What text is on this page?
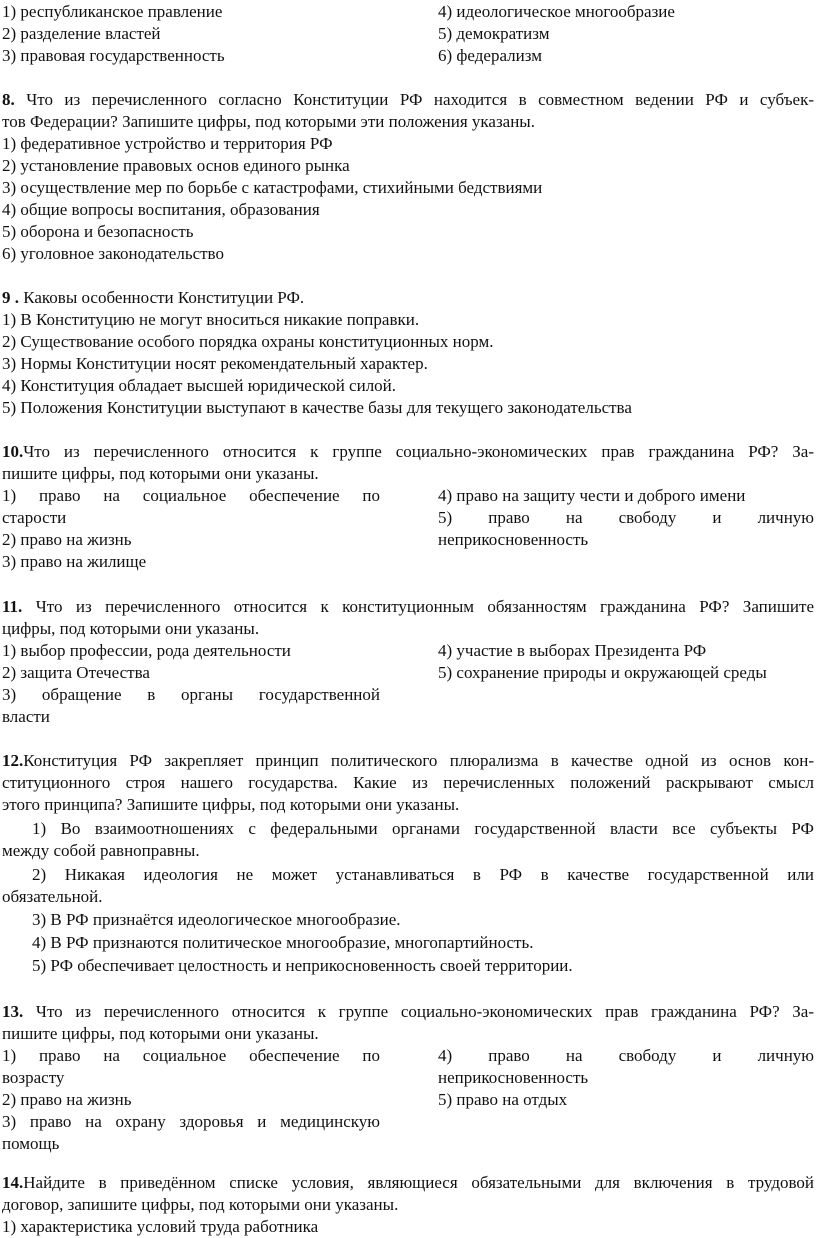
1) республиканское правление	4) идеологическое многообразие
2) разделение властей	5) демократизм
3) правовая государственность	6) федерализм
8. Что из перечисленного согласно Конституции РФ находится в совместном ведении РФ и субъек-
тов Федерации? Запишите цифры, под которыми эти положения указаны.
1) федеративное устройство и территория РФ
2) установление правовых основ единого рынка
3) осуществление мер по борьбе с катастрофами, стихийными бедствиями
4) общие вопросы воспитания, образования
5) оборона и безопасность
6) уголовное законодательство
9 . Каковы особенности Конституции РФ.
1) В Конституцию не могут вноситься никакие поправки.
2) Существование особого порядка охраны конституционных норм.
3) Нормы Конституции носят рекомендательный характер.
4) Конституция обладает высшей юридической силой.
5) Положения Конституции выступают в качестве базы для текущего законодательства
10.Что из перечисленного относится к группе социально-экономических прав гражданина РФ? За-
пишите цифры, под которыми они указаны.
1) право на социальное обеспечение по	4) право на защиту чести и доброго имени
старости	5) право на свободу и личную
2) право на жизнь	неприкосновенность
3) право на жилище
11. Что из перечисленного относится к конституционным обязанностям гражданина РФ? Запишите
цифры, под которыми они указаны.
1) выбор профессии, рода деятельности	4) участие в выборах Президента РФ
2) защита Отечества	5) сохранение природы и окружающей среды
3) обращение в органы государственной
власти
12.Конституция РФ закрепляет принцип политического плюрализма в качестве одной из основ кон-
ституционного строя нашего государства. Какие из перечисленных положений раскрывают смысл
этого принципа? Запишите цифры, под которыми они указаны.
1) Во взаимоотношениях с федеральными органами государственной власти все субъекты РФ
между собой равноправны.
2) Никакая идеология не может устанавливаться в РФ в качестве государственной или
обязательной.
3) В РФ признаётся идеологическое многообразие.
4) В РФ признаются политическое многообразие, многопартийность.
5) РФ обеспечивает целостность и неприкосновенность своей территории.
13. Что из перечисленного относится к группе социально-экономических прав гражданина РФ? За-
пишите цифры, под которыми они указаны.
1) право на социальное обеспечение по	4) право на свободу и личную
возрасту	неприкосновенность
2) право на жизнь	5) право на отдых
3) право на охрану здоровья и медицинскую
помощь
14.Найдите в приведённом списке условия, являющиеся обязательными для включения в трудовой
договор, запишите цифры, под которыми они указаны.
1) характеристика условий труда работника
